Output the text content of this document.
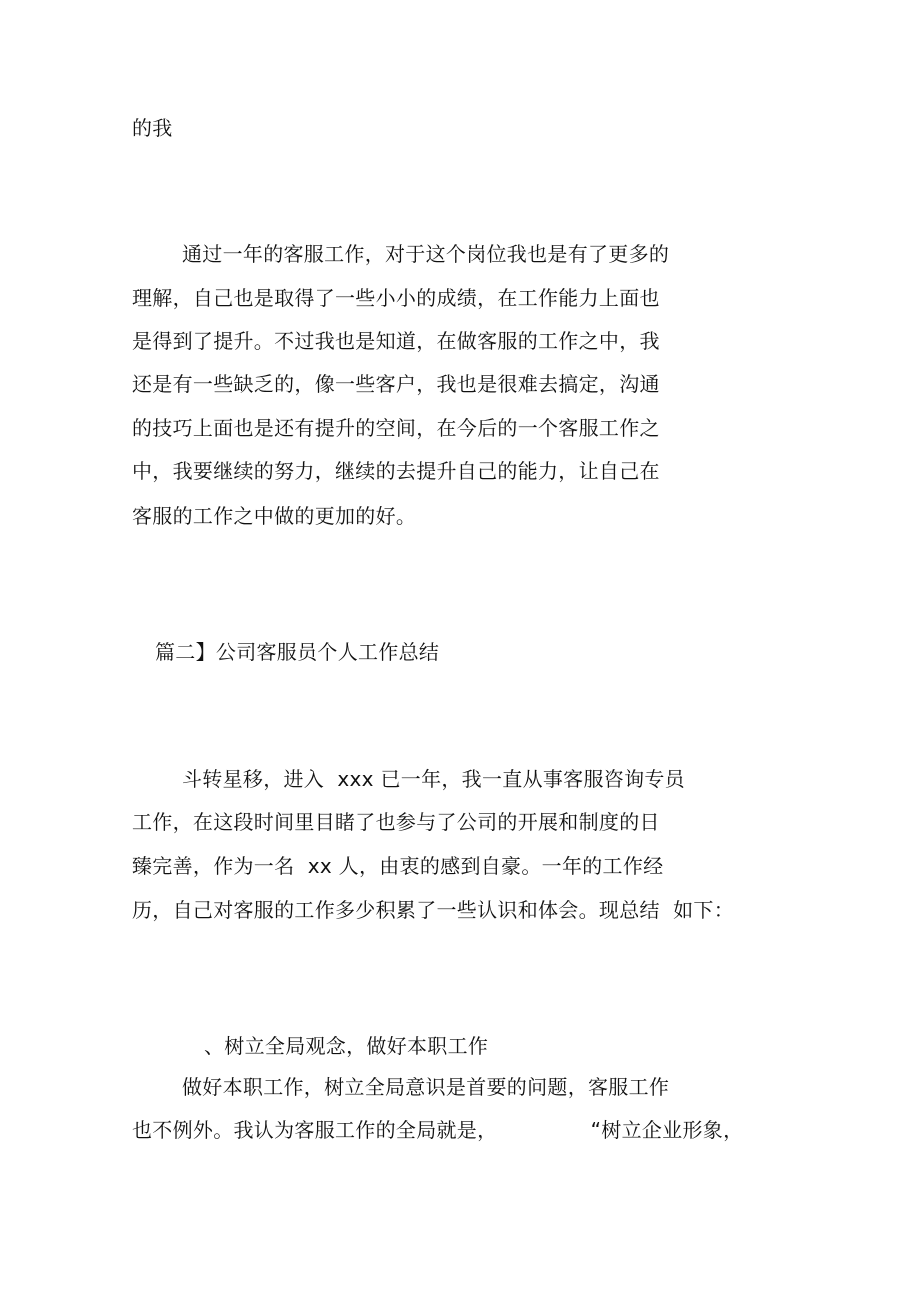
的我
通过一年的客服工作，对于这个岗位我也是有了更多的
理解，自己也是取得了一些小小的成绩，在工作能力上面也
是得到了提升。不过我也是知道，在做客服的工作之中，我
还是有一些缺乏的，像一些客户，我也是很难去搞定，沟通
的技巧上面也是还有提升的空间，在今后的一个客服工作之
中，我要继续的努力，继续的去提升自己的能力，让自己在
客服的工作之中做的更加的好。
篇二】公司客服员个人工作总结
斗转星移，进入  xxx 已一年，我一直从事客服咨询专员
工作，在这段时间里目睹了也参与了公司的开展和制度的日
臻完善，作为一名  xx 人，由衷的感到自豪。一年的工作经
历，自己对客服的工作多少积累了一些认识和体会。现总结  如下：
、树立全局观念，做好本职工作
做好本职工作，树立全局意识是首要的问题，客服工作
也不例外。我认为客服工作的全局就是，              “树立企业形象，
